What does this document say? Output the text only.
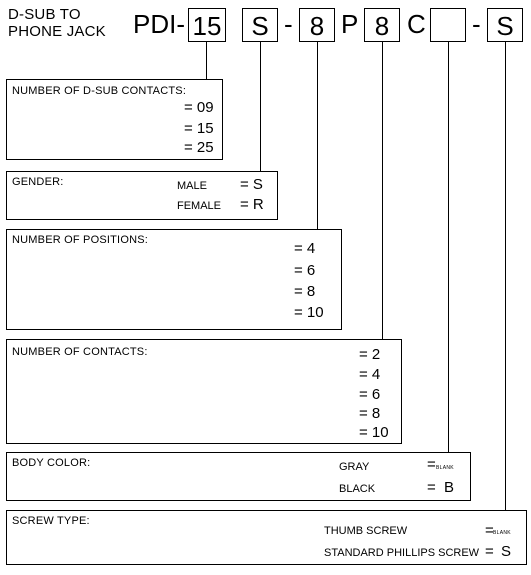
D-SUB TO
PHONE JACK PDI- 15	S - 8 P 8 C - S
NUMBER OF D-SUB CONTACTS:
= 09
= 15
= 25
GENDER:	MALE = S
FEMALE = R
NUMBER OF POSITIONS:	= 4
= 6
= 8
= 10
NUMBER OF CONTACTS:	= 2
= 4
= 6
= 8
= 10
BODY COLOR:	GRAY	= BLANK
BLACK	= B
SCREW TYPE:
THUMB SCREW	= BLANK
STANDARD PHILLIPS SCREW = S
